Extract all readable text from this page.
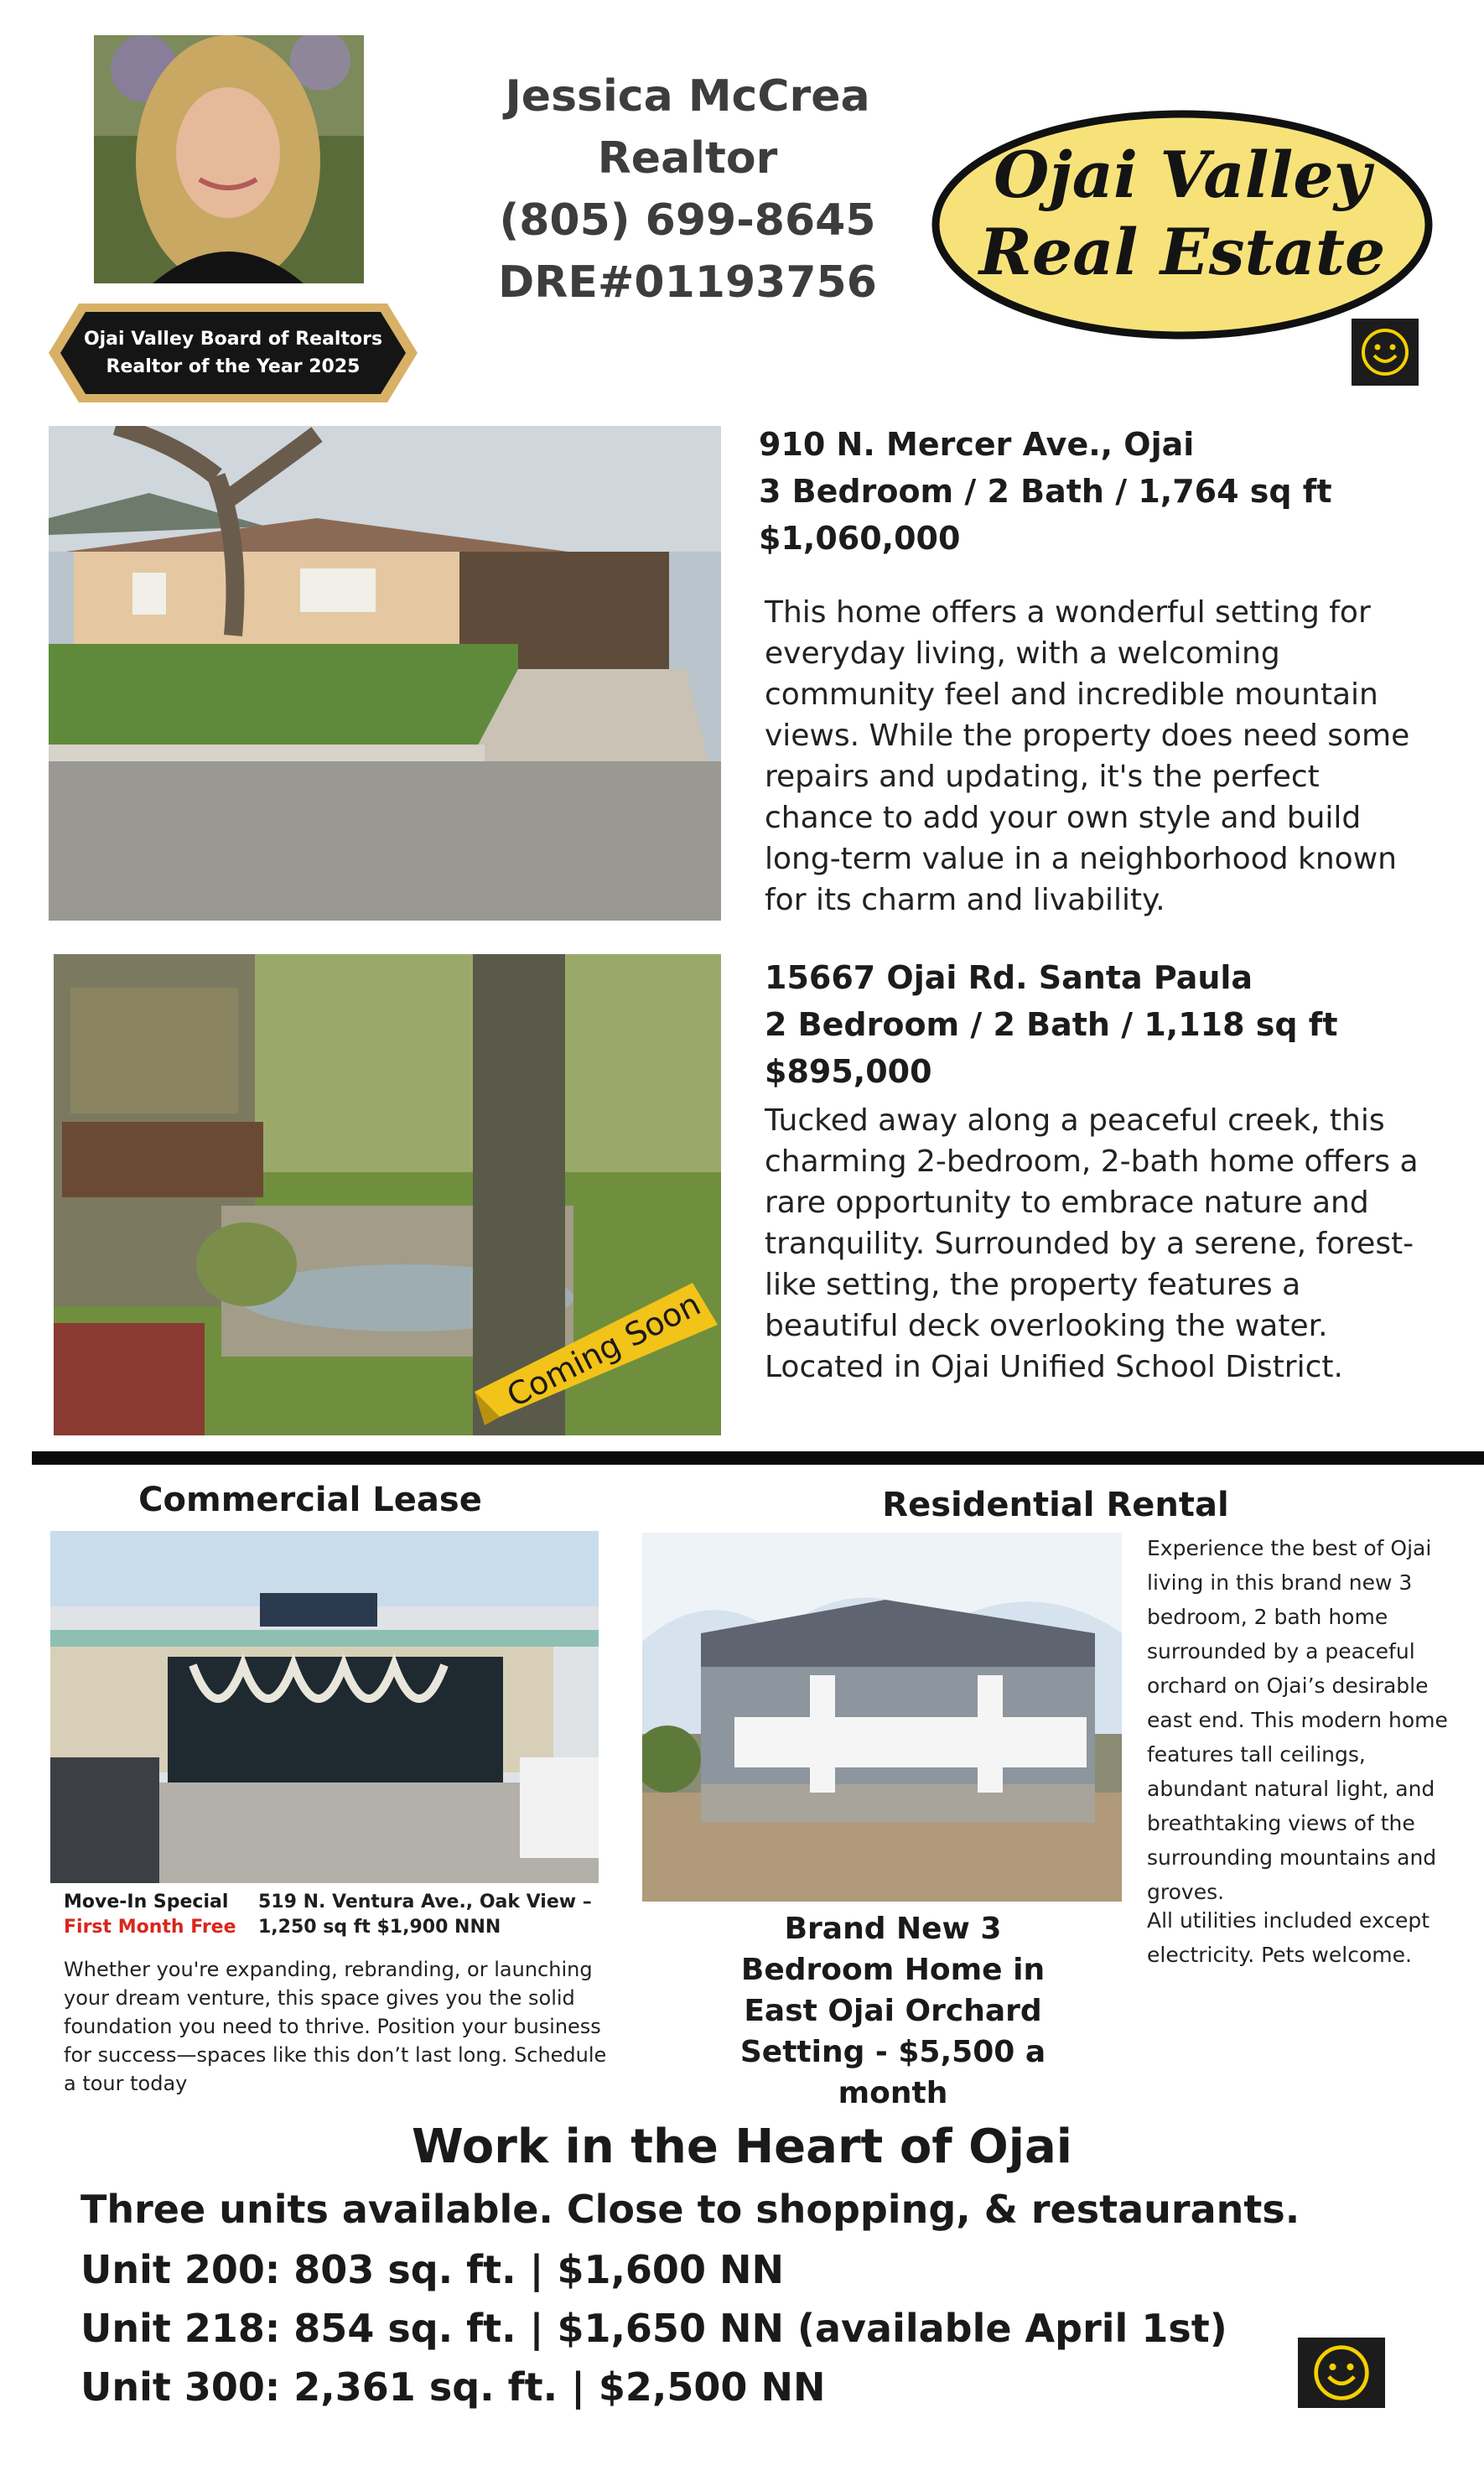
Jessica McCrea
Realtor
(805) 699-8645
DRE#01193756
Ojai Valley
Real Estate
Ojai Valley Board of Realtors
Realtor of the Year 2025
910 N. Mercer Ave., Ojai
3 Bedroom / 2 Bath / 1,764 sq ft
$1,060,000
This home offers a wonderful setting for everyday living, with a welcoming community feel and incredible mountain views. While the property does need some repairs and updating, it's the perfect chance to add your own style and build long-term value in a neighborhood known for its charm and livability.
Coming Soon
15667 Ojai Rd. Santa Paula
2 Bedroom / 2 Bath / 1,118 sq ft
$895,000
Tucked away along a peaceful creek, this charming 2-bedroom, 2-bath home offers a rare opportunity to embrace nature and tranquility. Surrounded by a serene, forest-like setting, the property features a beautiful deck overlooking the water. Located in Ojai Unified School District.
Commercial Lease
Move-In Special
First Month Free
519 N. Ventura Ave., Oak View –
1,250 sq ft $1,900 NNN
Whether you're expanding, rebranding, or launching your dream venture, this space gives you the solid foundation you need to thrive. Position your business for success—spaces like this don’t last long. Schedule a tour today
Residential Rental
Experience the best of Ojai living in this brand new 3 bedroom, 2 bath home surrounded by a peaceful orchard on Ojai’s desirable east end. This modern home features tall ceilings, abundant natural light, and breathtaking views of the surrounding mountains and groves.
All utilities included except electricity. Pets welcome.
Brand New 3 Bedroom Home in East Ojai Orchard Setting - $5,500 a month
Work in the Heart of Ojai
Three units available. Close to shopping, & restaurants.
Unit 200: 803 sq. ft. | $1,600 NN
Unit 218: 854 sq. ft. | $1,650 NN (available April 1st)
Unit 300: 2,361 sq. ft. | $2,500 NN
